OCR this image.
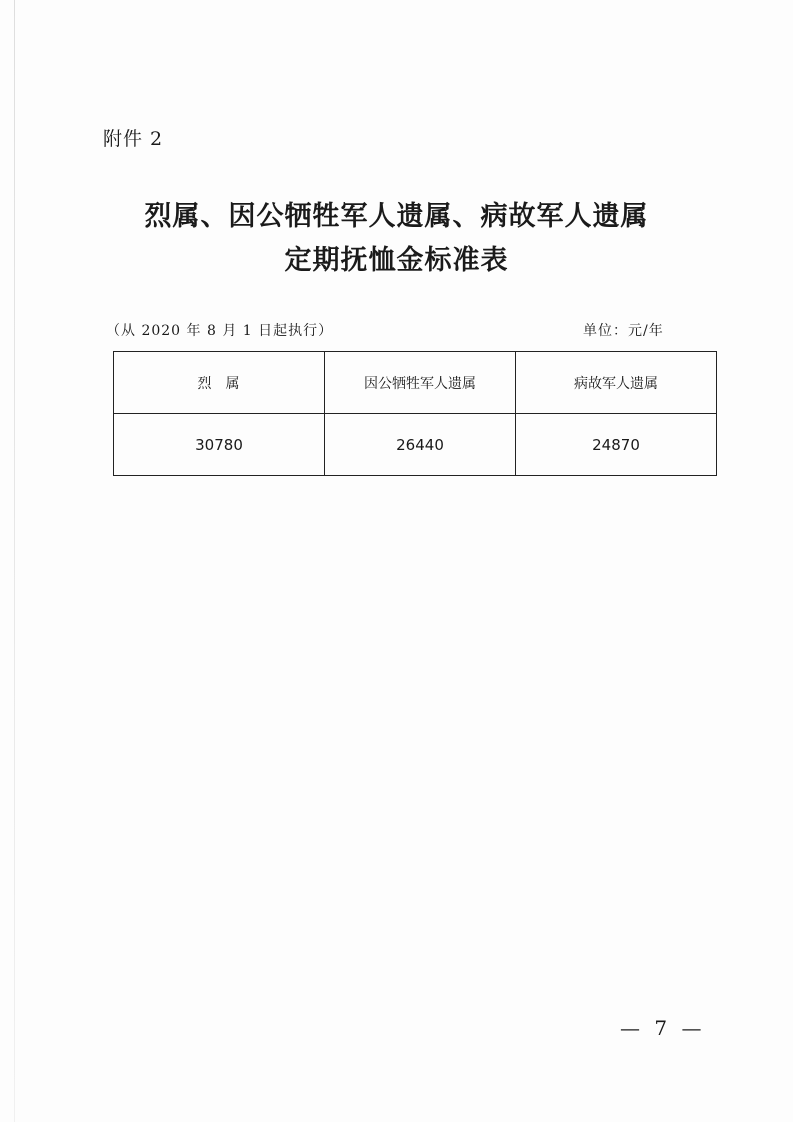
附件 2
烈属、因公牺牲军人遗属、病故军人遗属
定期抚恤金标准表
（从 2020 年 8 月 1 日起执行）	单位：元/年
烈属	因公牺牲军人遗属	病故军人遗属
30780	26440	24870
— 7 —
